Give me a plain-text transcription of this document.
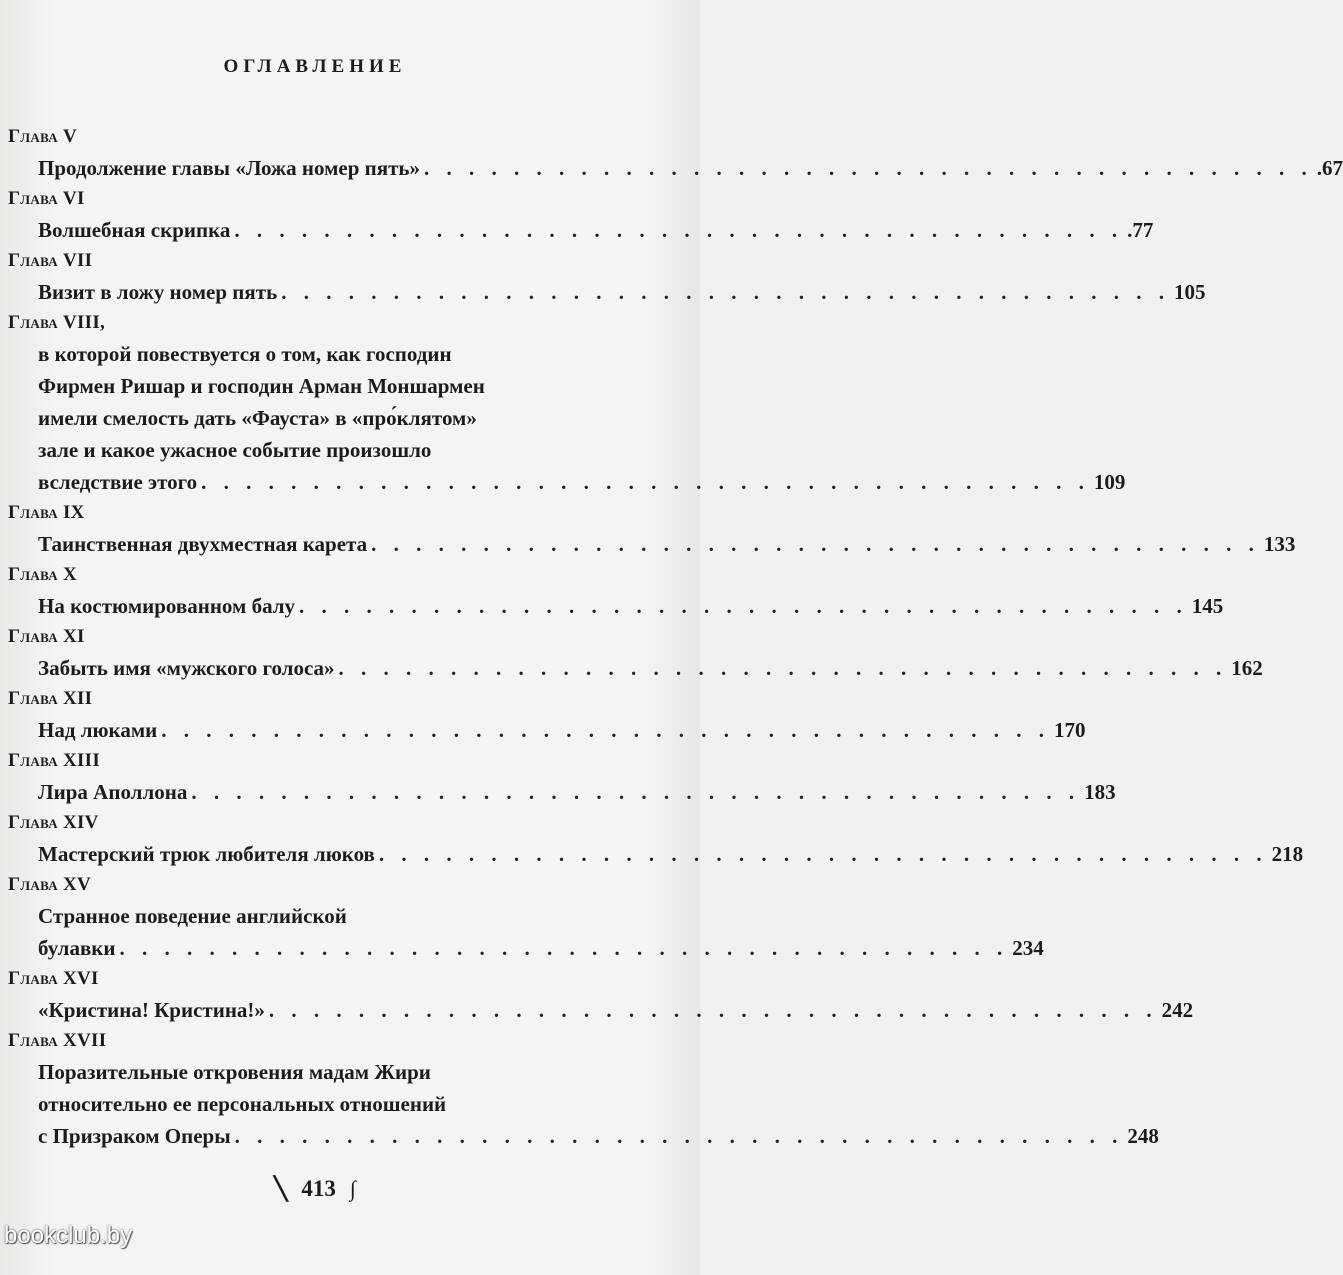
ОГЛАВЛЕНИЕ
Глава V
Продолжение главы «Ложа номер пять» . . . . . . . . . . . . . . . . . . . . . . . . . . . . . . . . . . . . . . . . .67
Глава VI
Волшебная скрипка . . . . . . . . . . . . . . . . . . . . . . . . . . . . . . . . . . . . . . . . .77
Глава VII
Визит в ложу номер пять . . . . . . . . . . . . . . . . . . . . . . . . . . . . . . . . . . . . . . . . 105
Глава VIII,
в которой повествуется о том, как господин
Фирмен Ришар и господин Арман Моншармен
имели смелость дать «Фауста» в «про́клятом»
зале и какое ужасное событие произошло
вследствие этого . . . . . . . . . . . . . . . . . . . . . . . . . . . . . . . . . . . . . . . . 109
Глава IX
Таинственная двухместная карета . . . . . . . . . . . . . . . . . . . . . . . . . . . . . . . . . . . . . . . . 133
Глава X
На костюмированном балу . . . . . . . . . . . . . . . . . . . . . . . . . . . . . . . . . . . . . . . . 145
Глава XI
Забыть имя «мужского голоса» . . . . . . . . . . . . . . . . . . . . . . . . . . . . . . . . . . . . . . . . 162
Глава XII
Над люками . . . . . . . . . . . . . . . . . . . . . . . . . . . . . . . . . . . . . . . . 170
Глава XIII
Лира Аполлона . . . . . . . . . . . . . . . . . . . . . . . . . . . . . . . . . . . . . . . . 183
Глава XIV
Мастерский трюк любителя люков . . . . . . . . . . . . . . . . . . . . . . . . . . . . . . . . . . . . . . . . 218
Глава XV
Странное поведение английской
булавки . . . . . . . . . . . . . . . . . . . . . . . . . . . . . . . . . . . . . . . . 234
Глава XVI
«Кристина! Кристина!» . . . . . . . . . . . . . . . . . . . . . . . . . . . . . . . . . . . . . . . . 242
Глава XVII
Поразительные откровения мадам Жири
относительно ее персональных отношений
с Призраком Оперы . . . . . . . . . . . . . . . . . . . . . . . . . . . . . . . . . . . . . . . . 248
╲ 413 ∫
bookclub.by
